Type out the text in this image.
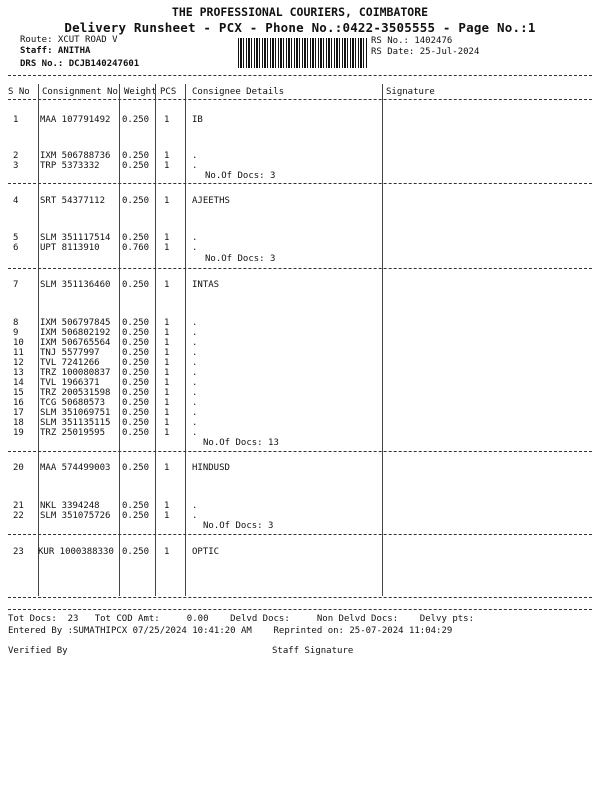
THE PROFESSIONAL COURIERS, COIMBATORE
Delivery Runsheet - PCX - Phone No.:0422-3505555 - Page No.:1
Route: XCUT ROAD V
Staff: ANITHA
DRS No.: DCJB140247601
RS No.: 1402476
RS Date: 25-Jul-2024
S No Consignment No Weight PCS Consignee Details	Signature
1 MAA 107791492 0.250 1	IB
2 IXM 506788736 0.250 1	.
3 TRP 5373332 0.250 1	.
No.Of Docs: 3
4 SRT 54377112 0.250 1	AJEETHS
5 SLM 351117514 0.250 1	.
6 UPT 8113910 0.760 1	.
No.Of Docs: 3
7 SLM 351136460 0.250 1	INTAS
8 IXM 506797845 0.250 1	.
9 IXM 506802192 0.250 1	.
10 IXM 506765564 0.250 1	.
11 TNJ 5577997 0.250 1	.
12 TVL 7241266 0.250 1	.
13 TRZ 100080837 0.250 1	.
14 TVL 1966371 0.250 1	.
15 TRZ 200531598 0.250 1	.
16 TCG 50680573 0.250 1	.
17 SLM 351069751 0.250 1	.
18 SLM 351135115 0.250 1	.
19 TRZ 25019595 0.250 1	.
No.Of Docs: 13
20 MAA 574499003 0.250 1	HINDUSD
21 NKL 3394248 0.250 1	.
22 SLM 351075726 0.250 1	.
No.Of Docs: 3
23 KUR 1000388330 0.250 1	OPTIC
Tot Docs:  23   Tot COD Amt:     0.00    Delvd Docs:     Non Delvd Docs:    Delvy pts:
Entered By :SUMATHIPCX 07/25/2024 10:41:20 AM    Reprinted on: 25-07-2024 11:04:29
Verified By	Staff Signature
